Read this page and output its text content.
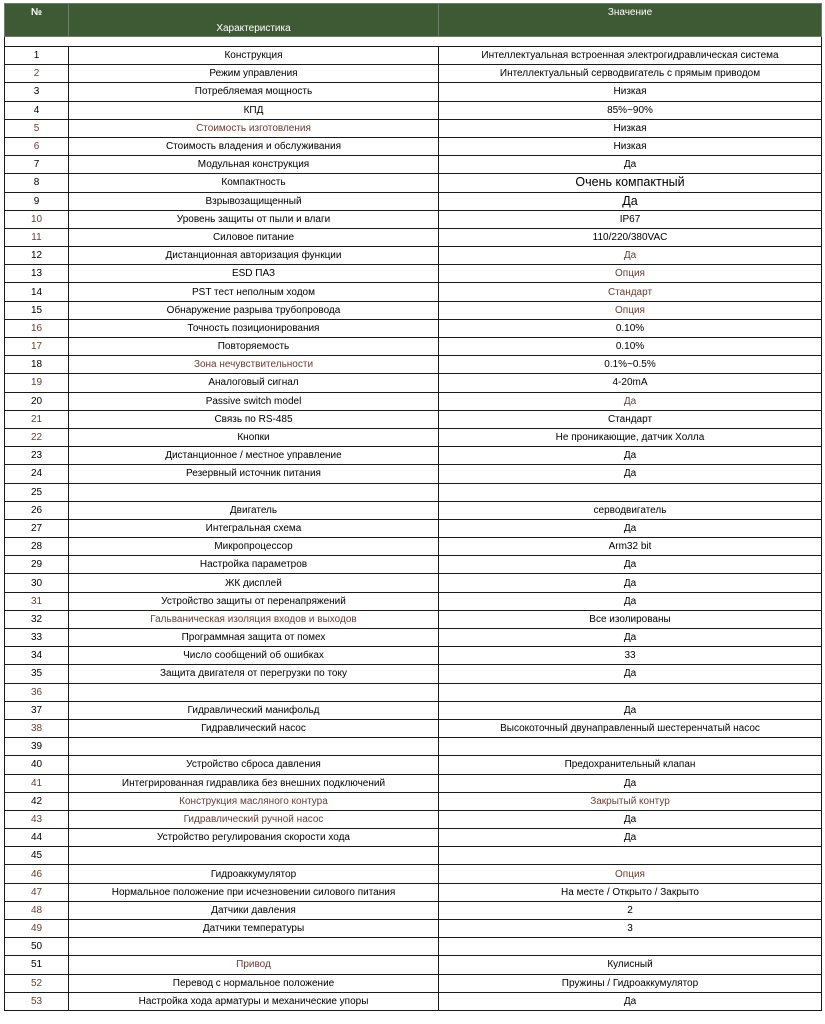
№	Характеристика	Значение

1	Конструкция	Интеллектуальная встроенная электрогидравлическая система
2	Режим управления	Интеллектуальный серводвигатель с прямым приводом
3	Потребляемая мощность	Низкая
4	КПД	85%~90%
5	Стоимость изготовления	Низкая
6	Стоимость владения и обслуживания	Низкая
7	Модульная конструкция	Да
8	Компактность	Очень компактный
9	Взрывозащищенный	Да
10	Уровень защиты от пыли и влаги	IP67
11	Силовое питание	110/220/380VAC
12	Дистанционная авторизация функции	Да
13	ESD ПАЗ	Опция
14	PST тест неполным ходом	Стандарт
15	Обнаружение разрыва трубопровода	Опция
16	Точность позиционирования	0.10%
17	Повторяемость	0.10%
18	Зона нечувствительности	0.1%~0.5%
19	Аналоговый сигнал	4-20mA
20	Passive switch model	Да
21	Связь по RS-485	Стандарт
22	Кнопки	Не проникающие, датчик Холла
23	Дистанционное / местное управление	Да
24	Резервный источник питания	Да
25		
26	Двигатель	серводвигатель
27	Интегральная схема	Да
28	Микропроцессор	Arm32 bit
29	Настройка параметров	Да
30	ЖК дисплей	Да
31	Устройство защиты от перенапряжений	Да
32	Гальваническая изоляция входов и выходов	Все изолированы
33	Программная защита от помех	Да
34	Число сообщений об ошибках	33
35	Защита двигателя от перегрузки по току	Да
36		
37	Гидравлический манифольд	Да
38	Гидравлический насос	Высокоточный двунаправленный шестеренчатый насос
39		
40	Устройство сброса давления	Предохранительный клапан
41	Интегрированная гидравлика без внешних подключений	Да
42	Конструкция масляного контура	Закрытый контур
43	Гидравлический ручной насос	Да
44	Устройство регулирования скорости хода	Да
45		
46	Гидроаккумулятор	Опция
47	Нормальное положение при исчезновении силового питания	На месте / Открыто / Закрыто
48	Датчики давления	2
49	Датчики температуры	3
50		
51	Привод	Кулисный
52	Перевод с нормальное положение	Пружины / Гидроаккумулятор
53	Настройка хода арматуры и механические упоры	Да
